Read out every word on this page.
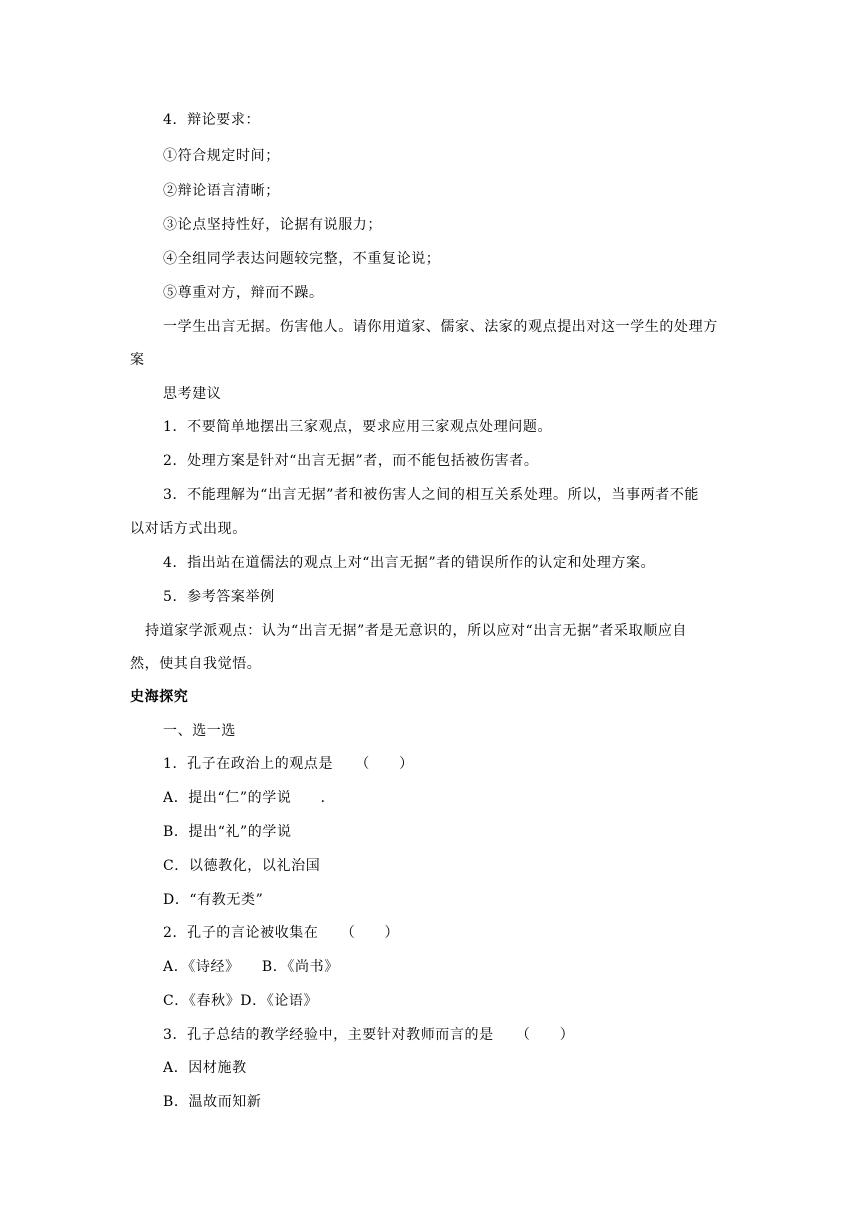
4．辩论要求：
①符合规定时间；
②辩论语言清晰；
③论点坚持性好，论据有说服力；
④全组同学表达问题较完整，不重复论说；
⑤尊重对方，辩而不躁。
一学生出言无据。伤害他人。请你用道家、儒家、法家的观点提出对这一学生的处理方
案
思考建议
1．不要简单地摆出三家观点，要求应用三家观点处理问题。
2．处理方案是针对“出言无据”者，而不能包括被伤害者。
3．不能理解为“出言无据”者和被伤害人之间的相互关系处理。所以，当事两者不能
以对话方式出现。
4．指出站在道儒法的观点上对“出言无据”者的错误所作的认定和处理方案。
5．参考答案举例
持道家学派观点：认为“出言无据”者是无意识的，所以应对“出言无据”者采取顺应自
然，使其自我觉悟。
史海探究
一、选一选
1．孔子在政治上的观点是　　（　　）
A．提出“仁”的学说　　．
B．提出“礼”的学说
C．以德教化，以礼治国
D．“有教无类”
2．孔子的言论被收集在　　（　　）
A．《诗经》　　B．《尚书》
C．《春秋》D．《论语》
3．孔子总结的教学经验中，主要针对教师而言的是　　（　　）
A．因材施教
B．温故而知新
